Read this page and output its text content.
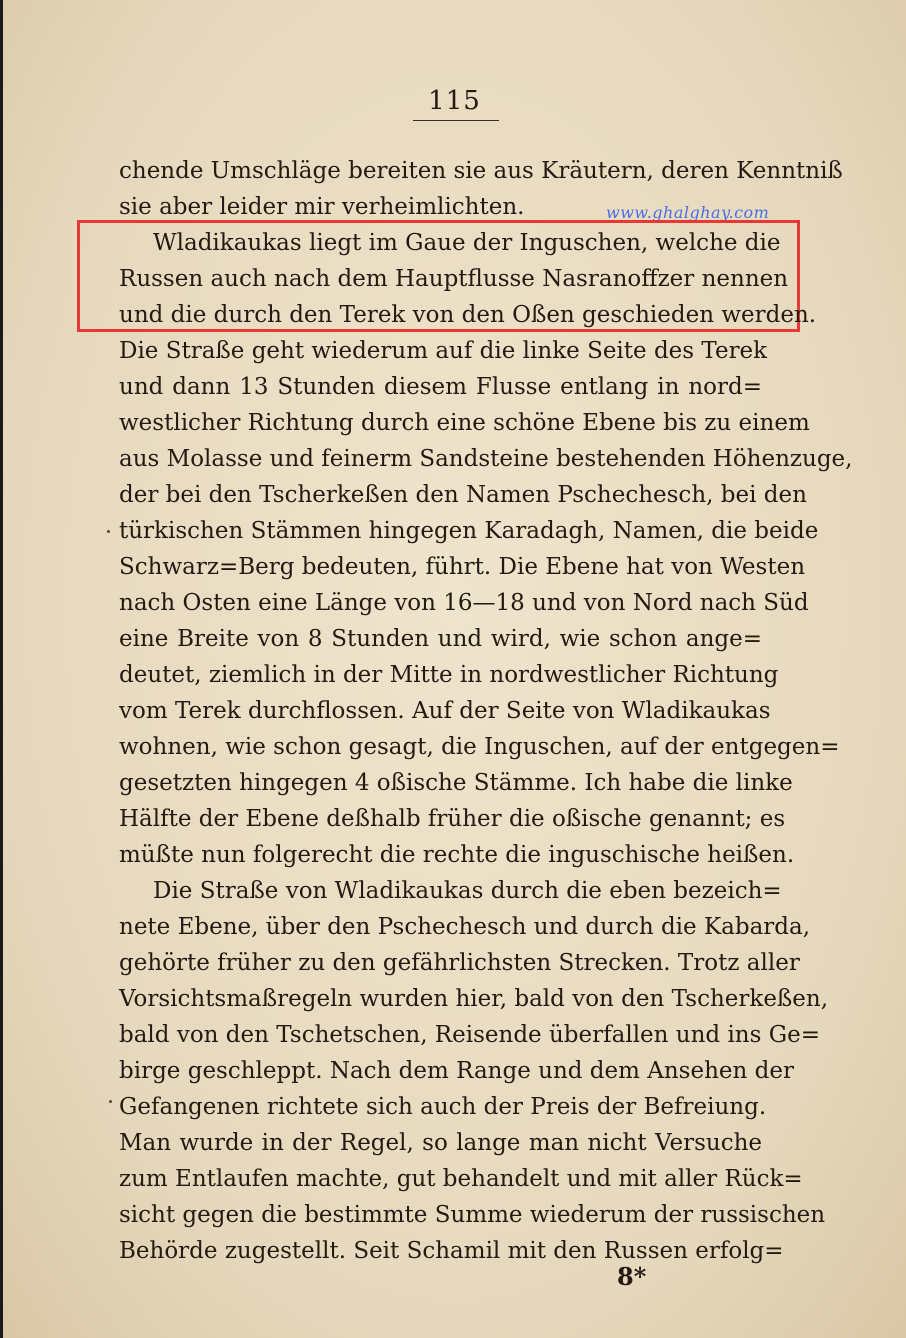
115
chende Umschläge bereiten sie aus Kräutern, deren Kenntniß
sie aber leider mir verheimlichten.	www.ghalghay.com
Wladikaukas liegt im Gaue der Inguschen, welche die
Russen auch nach dem Hauptflusse Nasranoffzer nennen
und die durch den Terek von den Oßen geschieden werden.
Die Straße geht wiederum auf die linke Seite des Terek
und dann 13 Stunden diesem Flusse entlang in nord=
westlicher Richtung durch eine schöne Ebene bis zu einem
aus Molasse und feinerm Sandsteine bestehenden Höhenzuge,
der bei den Tscherkeßen den Namen Pschechesch, bei den
türkischen Stämmen hingegen Karadagh, Namen, die beide
Schwarz=Berg bedeuten, führt. Die Ebene hat von Westen
nach Osten eine Länge von 16—18 und von Nord nach Süd
eine Breite von 8 Stunden und wird, wie schon ange=
deutet, ziemlich in der Mitte in nordwestlicher Richtung
vom Terek durchflossen. Auf der Seite von Wladikaukas
wohnen, wie schon gesagt, die Inguschen, auf der entgegen=
gesetzten hingegen 4 oßische Stämme. Ich habe die linke
Hälfte der Ebene deßhalb früher die oßische genannt; es
müßte nun folgerecht die rechte die inguschische heißen.
Die Straße von Wladikaukas durch die eben bezeich=
nete Ebene, über den Pschechesch und durch die Kabarda,
gehörte früher zu den gefährlichsten Strecken. Trotz aller
Vorsichtsmaßregeln wurden hier, bald von den Tscherkeßen,
bald von den Tschetschen, Reisende überfallen und ins Ge=
birge geschleppt. Nach dem Range und dem Ansehen der
Gefangenen richtete sich auch der Preis der Befreiung.
Man wurde in der Regel, so lange man nicht Versuche
zum Entlaufen machte, gut behandelt und mit aller Rück=
sicht gegen die bestimmte Summe wiederum der russischen
Behörde zugestellt. Seit Schamil mit den Russen erfolg=
8*
